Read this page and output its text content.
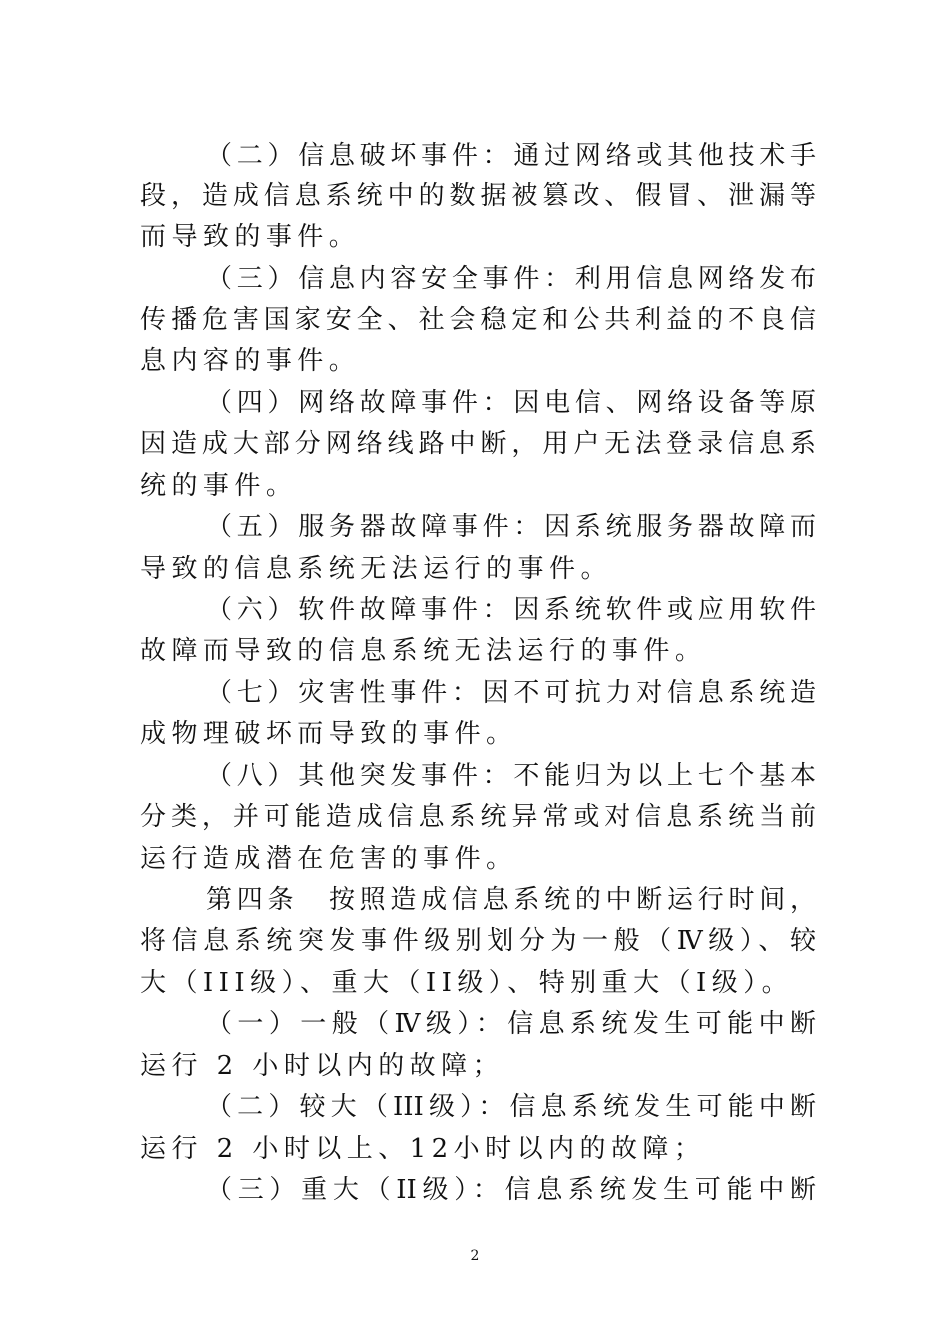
（二）信息破坏事件：通过网络或其他技术手
段，造成信息系统中的数据被篡改、假冒、泄漏等
而导致的事件。
（三）信息内容安全事件：利用信息网络发布
传播危害国家安全、社会稳定和公共利益的不良信
息内容的事件。
（四）网络故障事件：因电信、网络设备等原
因造成大部分网络线路中断，用户无法登录信息系
统的事件。
（五）服务器故障事件：因系统服务器故障而
导致的信息系统无法运行的事件。
（六）软件故障事件：因系统软件或应用软件
故障而导致的信息系统无法运行的事件。
（七）灾害性事件：因不可抗力对信息系统造
成物理破坏而导致的事件。
（八）其他突发事件：不能归为以上七个基本
分类，并可能造成信息系统异常或对信息系统当前
运行造成潜在危害的事件。
第四条　按照造成信息系统的中断运行时间，
将信息系统突发事件级别划分为一般（Ⅳ级）、较
大（III级）、重大（II级）、特别重大（Ⅰ级）。
（一）一般（Ⅳ级）：信息系统发生可能中断
运行 2 小时以内的故障；
（二）较大（III级）：信息系统发生可能中断
运行 2 小时以上、12小时以内的故障；
（三）重大（II级）：信息系统发生可能中断
2
